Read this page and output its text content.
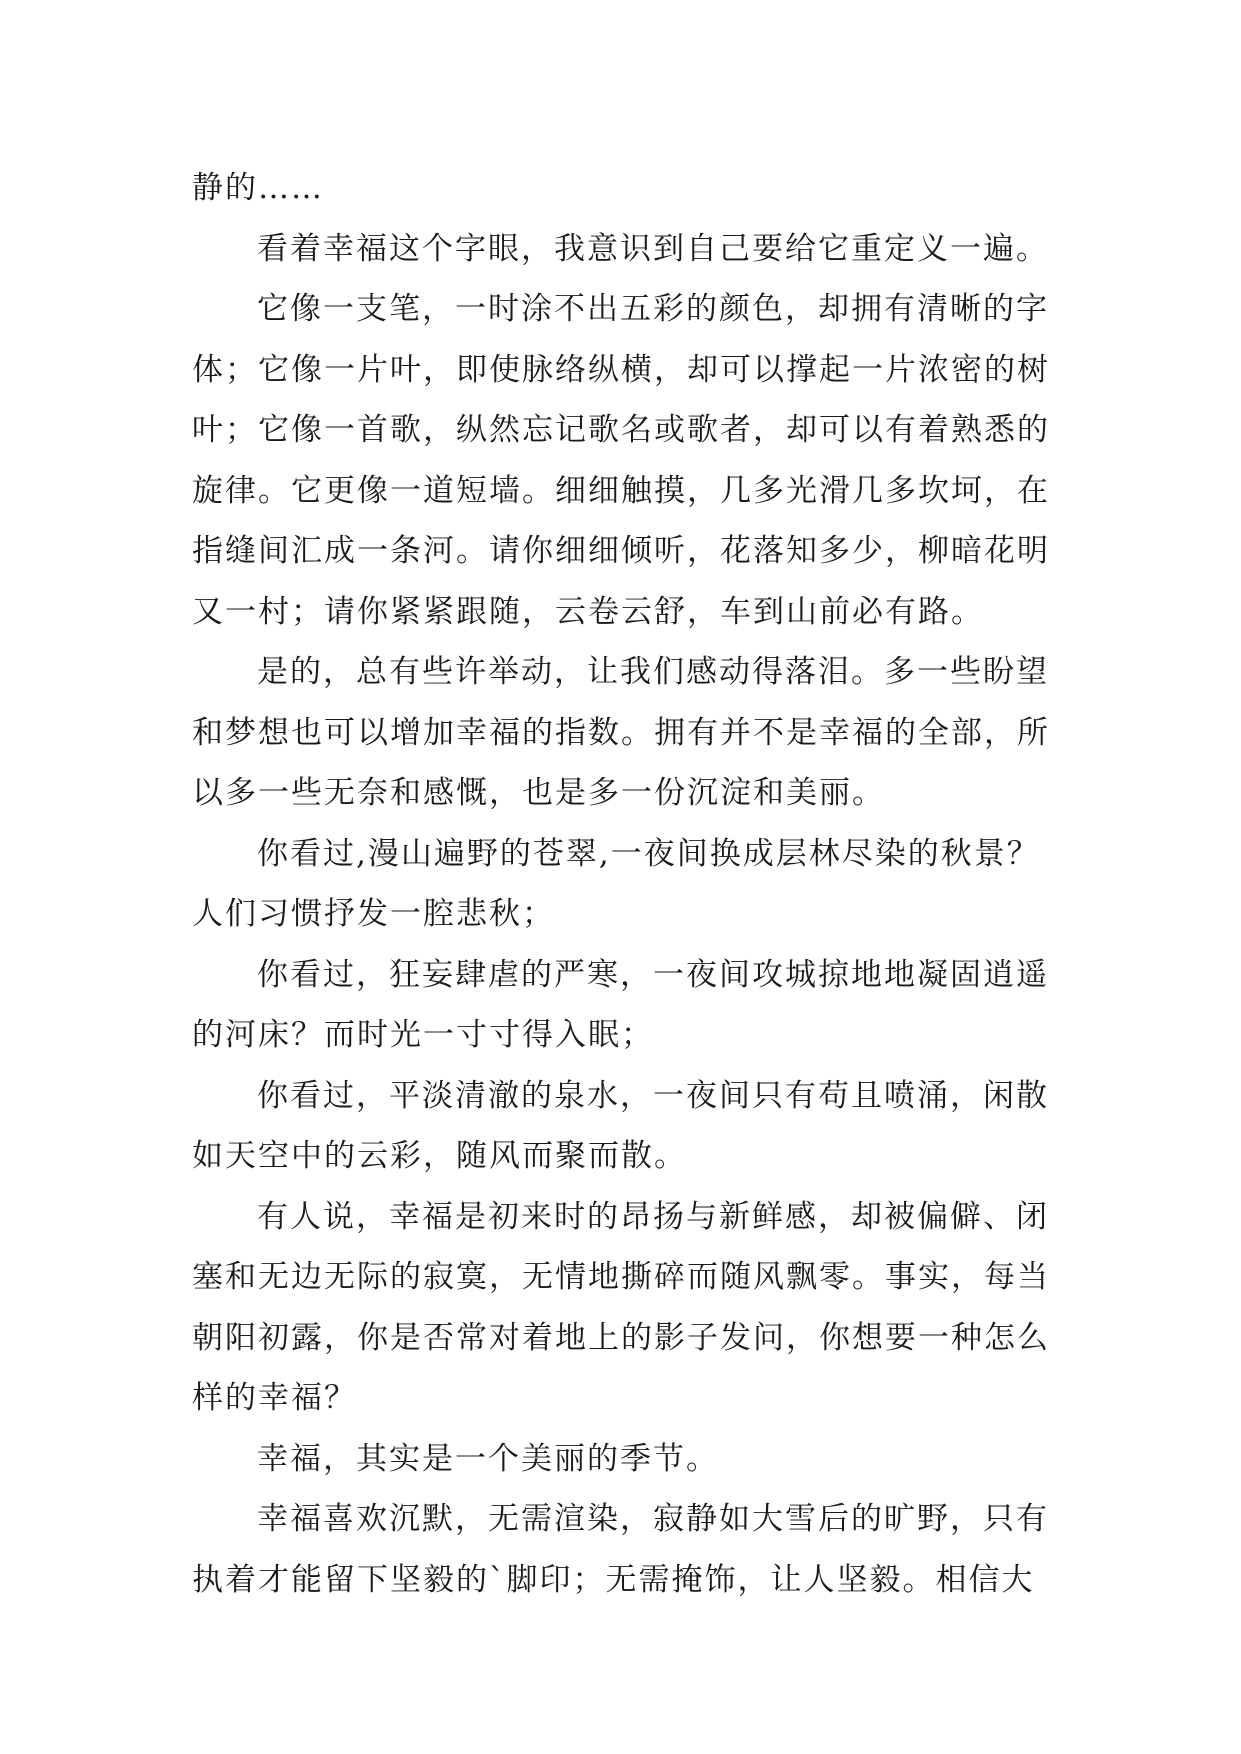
静的……
看着幸福这个字眼，我意识到自己要给它重定义一遍。
它像一支笔，一时涂不出五彩的颜色，却拥有清晰的字
体；它像一片叶，即使脉络纵横，却可以撑起一片浓密的树
叶；它像一首歌，纵然忘记歌名或歌者，却可以有着熟悉的
旋律。它更像一道短墙。细细触摸，几多光滑几多坎坷，在
指缝间汇成一条河。请你细细倾听，花落知多少，柳暗花明
又一村；请你紧紧跟随，云卷云舒，车到山前必有路。
是的，总有些许举动，让我们感动得落泪。多一些盼望
和梦想也可以增加幸福的指数。拥有并不是幸福的全部，所
以多一些无奈和感慨，也是多一份沉淀和美丽。
你看过,漫山遍野的苍翠,一夜间换成层林尽染的秋景？
人们习惯抒发一腔悲秋；
你看过，狂妄肆虐的严寒，一夜间攻城掠地地凝固逍遥
的河床？而时光一寸寸得入眠；
你看过，平淡清澈的泉水，一夜间只有苟且喷涌，闲散
如天空中的云彩，随风而聚而散。
有人说，幸福是初来时的昂扬与新鲜感，却被偏僻、闭
塞和无边无际的寂寞，无情地撕碎而随风飘零。事实，每当
朝阳初露，你是否常对着地上的影子发问，你想要一种怎么
样的幸福？
幸福，其实是一个美丽的季节。
幸福喜欢沉默，无需渲染，寂静如大雪后的旷野，只有
执着才能留下坚毅的`脚印；无需掩饰，让人坚毅。相信大
